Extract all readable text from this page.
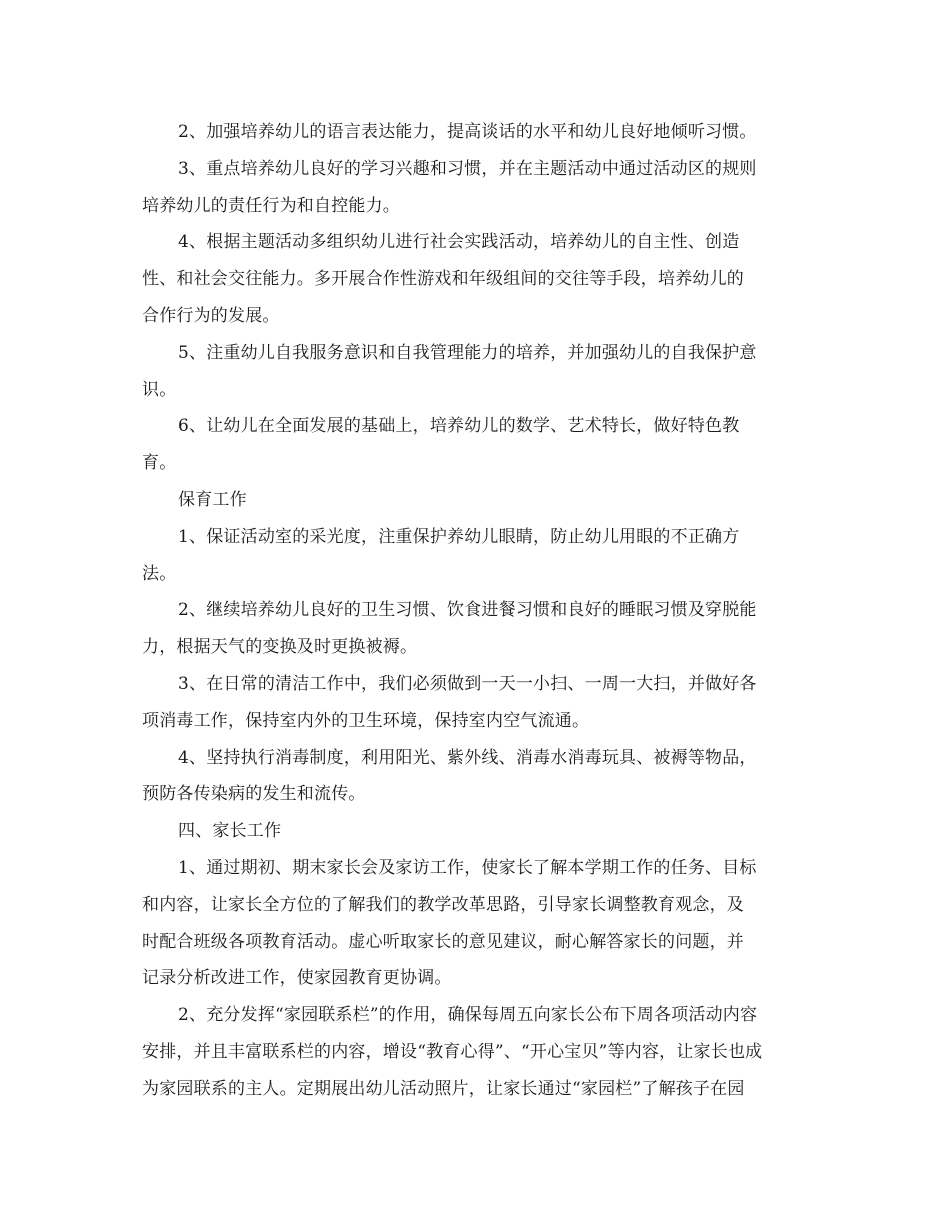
2、加强培养幼儿的语言表达能力，提高谈话的水平和幼儿良好地倾听习惯。
3、重点培养幼儿良好的学习兴趣和习惯，并在主题活动中通过活动区的规则
培养幼儿的责任行为和自控能力。
4、根据主题活动多组织幼儿进行社会实践活动，培养幼儿的自主性、创造
性、和社会交往能力。多开展合作性游戏和年级组间的交往等手段，培养幼儿的
合作行为的发展。
5、注重幼儿自我服务意识和自我管理能力的培养，并加强幼儿的自我保护意
识。
6、让幼儿在全面发展的基础上，培养幼儿的数学、艺术特长，做好特色教
育。
保育工作
1、保证活动室的采光度，注重保护养幼儿眼睛，防止幼儿用眼的不正确方
法。
2、继续培养幼儿良好的卫生习惯、饮食进餐习惯和良好的睡眠习惯及穿脱能
力，根据天气的变换及时更换被褥。
3、在日常的清洁工作中，我们必须做到一天一小扫、一周一大扫，并做好各
项消毒工作，保持室内外的卫生环境，保持室内空气流通。
4、坚持执行消毒制度，利用阳光、紫外线、消毒水消毒玩具、被褥等物品，
预防各传染病的发生和流传。
四、家长工作
1、通过期初、期末家长会及家访工作，使家长了解本学期工作的任务、目标
和内容，让家长全方位的了解我们的教学改革思路，引导家长调整教育观念，及
时配合班级各项教育活动。虚心听取家长的意见建议，耐心解答家长的问题，并
记录分析改进工作，使家园教育更协调。
2、充分发挥“家园联系栏”的作用，确保每周五向家长公布下周各项活动内容
安排，并且丰富联系栏的内容，增设“教育心得”、“开心宝贝”等内容，让家长也成
为家园联系的主人。定期展出幼儿活动照片，让家长通过“家园栏”了解孩子在园
